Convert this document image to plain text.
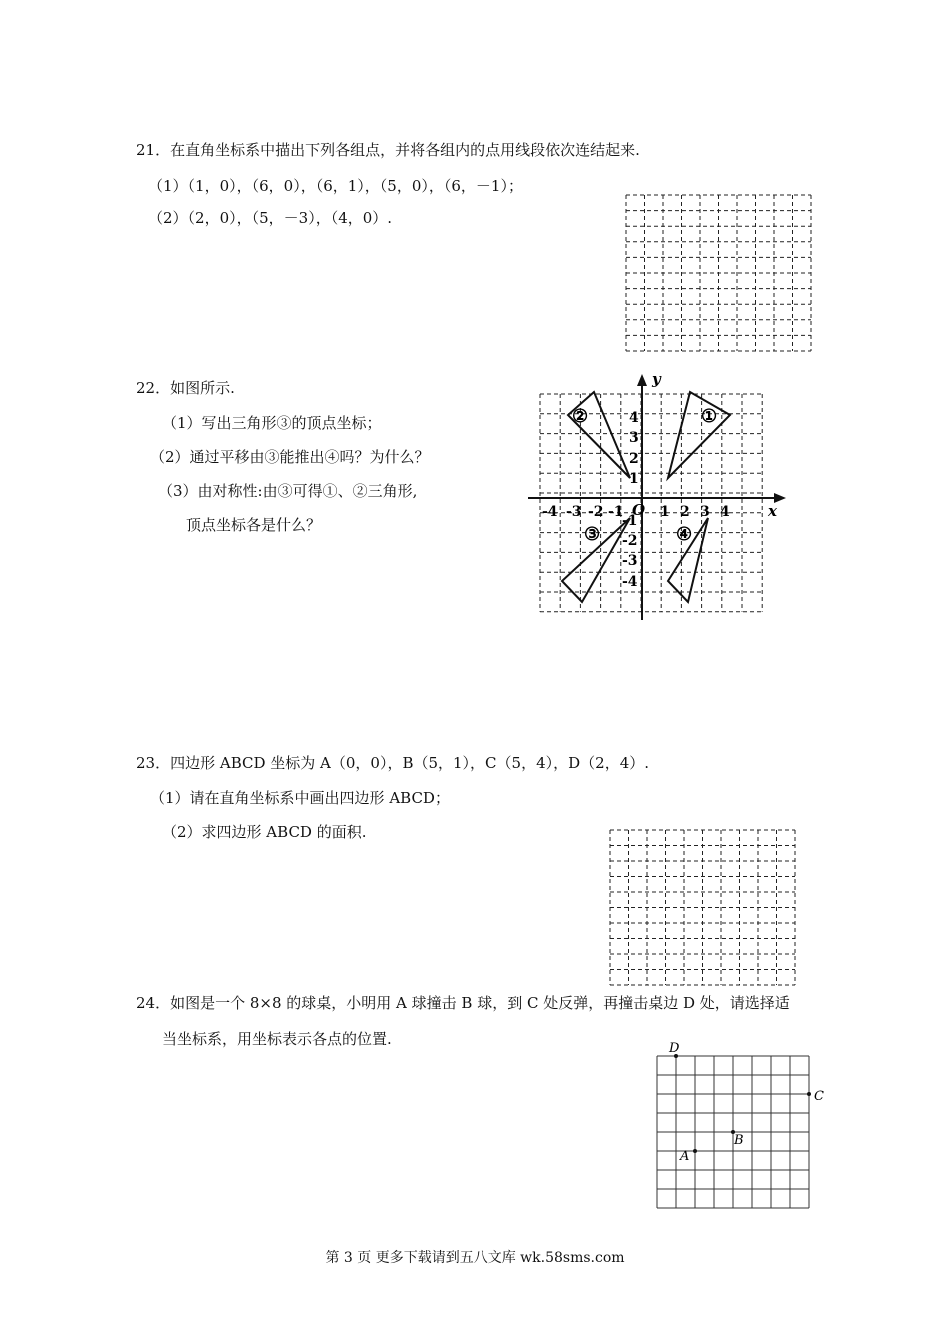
21．在直角坐标系中描出下列各组点，并将各组内的点用线段依次连结起来.
（1）（1，0），（6，0），（6，1），（5，0），（6，－1）；
（2）（2，0），（5，－3），（4，0）.
22．如图所示.
（1）写出三角形③的顶点坐标；
（2）通过平移由③能推出④吗？为什么？
（3）由对称性:由③可得①、②三角形,
顶点坐标各是什么？
y
x
O
-4 -3 -2 -1	1 2 3 4
1
2
3
4
-1
-2
-3
-4
①
②
③	④
23．四边形 ABCD 坐标为 A（0，0），B（5，1），C（5，4），D（2，4）.
（1）请在直角坐标系中画出四边形 ABCD；
（2）求四边形 ABCD 的面积.
24．如图是一个 8×8 的球桌，小明用 A 球撞击 B 球，到 C 处反弹，再撞击桌边 D 处，请选择适
当坐标系，用坐标表示各点的位置.
D
C
B
A
第 3 页 更多下载请到五八文库 wk.58sms.com
